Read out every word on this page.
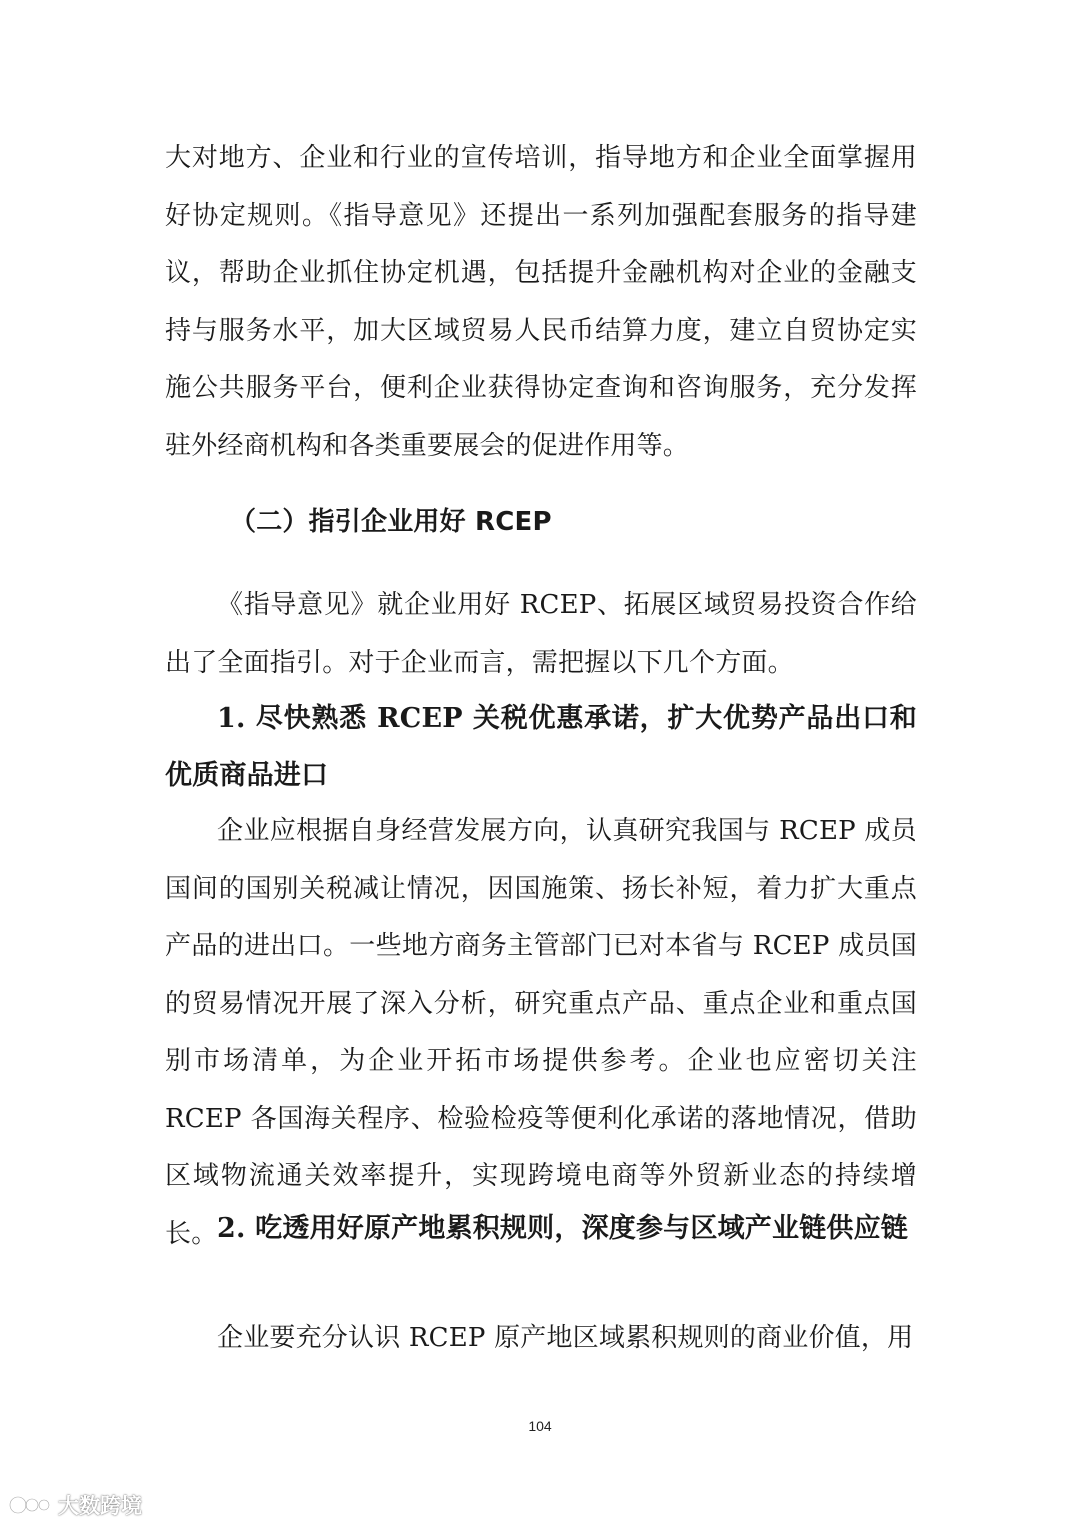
大对地方、企业和行业的宣传培训，指导地方和企业全面掌握用好协定规则。《指导意见》还提出一系列加强配套服务的指导建议，帮助企业抓住协定机遇，包括提升金融机构对企业的金融支持与服务水平，加大区域贸易人民币结算力度，建立自贸协定实施公共服务平台，便利企业获得协定查询和咨询服务，充分发挥驻外经商机构和各类重要展会的促进作用等。

（二）指引企业用好 RCEP

《指导意见》就企业用好 RCEP、拓展区域贸易投资合作给出了全面指引。对于企业而言，需把握以下几个方面。

1. 尽快熟悉 RCEP 关税优惠承诺，扩大优势产品出口和优质商品进口

企业应根据自身经营发展方向，认真研究我国与 RCEP 成员国间的国别关税减让情况，因国施策、扬长补短，着力扩大重点产品的进出口。一些地方商务主管部门已对本省与 RCEP 成员国的贸易情况开展了深入分析，研究重点产品、重点企业和重点国别市场清单，为企业开拓市场提供参考。企业也应密切关注 RCEP 各国海关程序、检验检疫等便利化承诺的落地情况，借助区域物流通关效率提升，实现跨境电商等外贸新业态的持续增长。 2. 吃透用好原产地累积规则，深度参与区域产业链供应链

企业要充分认识 RCEP 原产地区域累积规则的商业价值，用

104
大数跨境
